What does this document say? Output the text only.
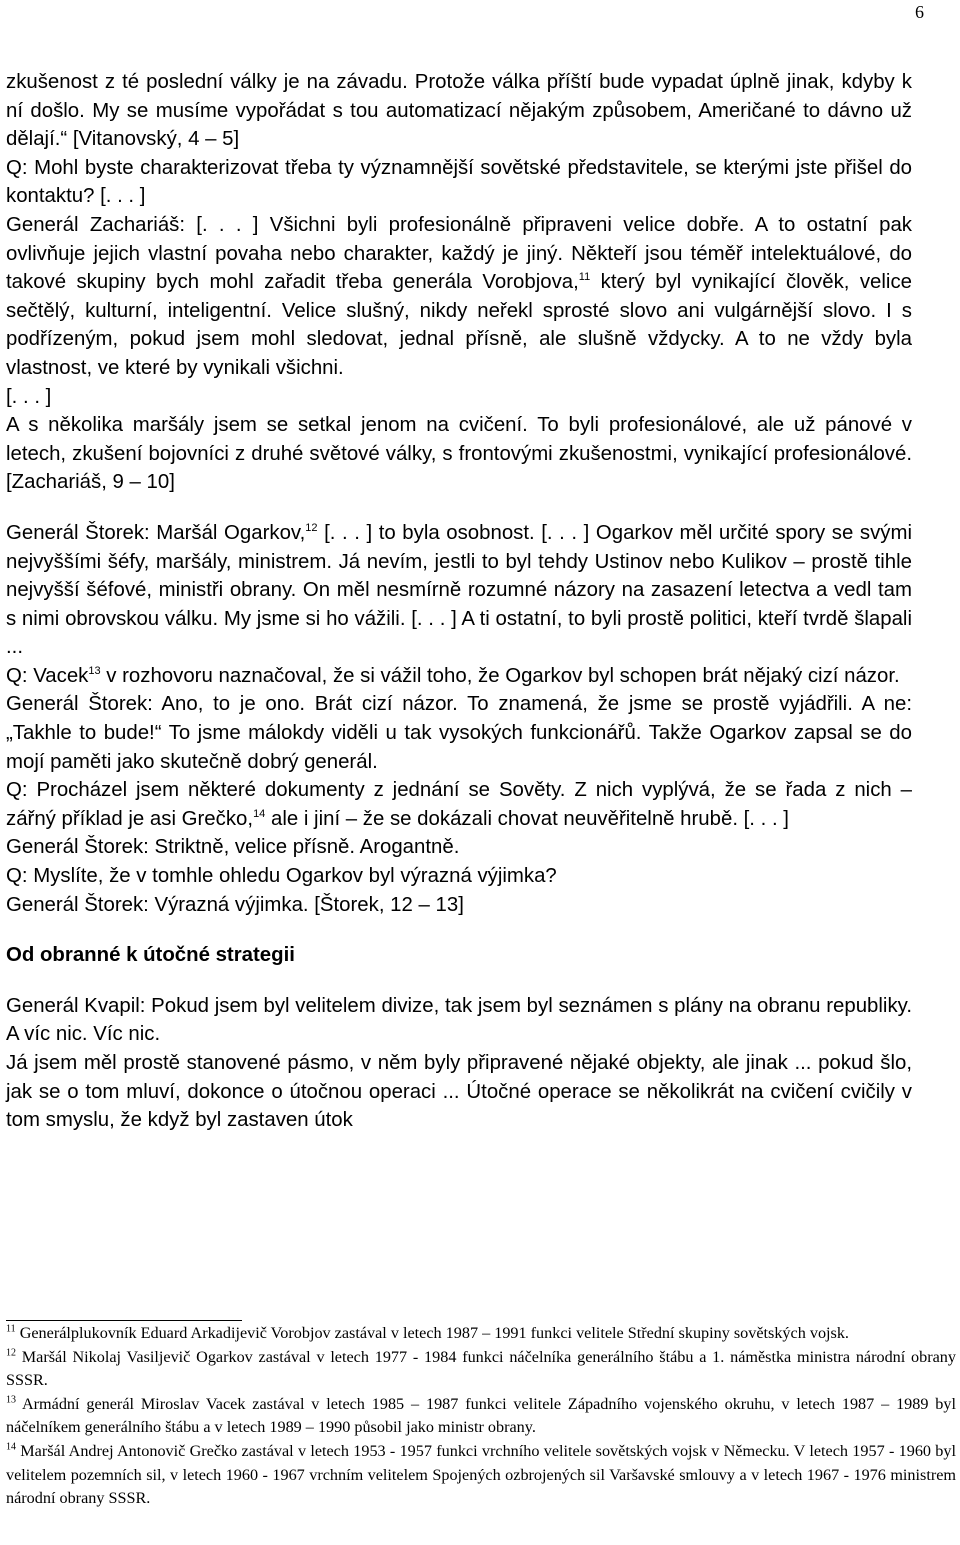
6

zkušenost z té poslední války je na závadu. Protože válka příští bude vypadat úplně jinak, kdyby k ní došlo. My se musíme vypořádat s tou automatizací nějakým způsobem, Američané to dávno už dělají.“ [Vitanovský, 4 – 5]

Q: Mohl byste charakterizovat třeba ty významnější sovětské představitele, se kterými jste přišel do kontaktu? [. . . ]

Generál Zachariáš: [. . . ] Všichni byli profesionálně připraveni velice dobře. A to ostatní pak ovlivňuje jejich vlastní povaha nebo charakter, každý je jiný. Někteří jsou téměř intelektuálové, do takové skupiny bych mohl zařadit třeba generála Vorobjova,$^{11}$ který byl vynikající člověk, velice sečtělý, kulturní, inteligentní. Velice slušný, nikdy neřekl sprosté slovo ani vulgárnější slovo. I s podřízeným, pokud jsem mohl sledovat, jednal přísně, ale slušně vždycky. A to ne vždy byla vlastnost, ve které by vynikali všichni.

[. . . ]

A s několika maršály jsem se setkal jenom na cvičení. To byli profesionálové, ale už pánové v letech, zkušení bojovníci z druhé světové války, s frontovými zkušenostmi, vynikající profesionálové. [Zachariáš, 9 – 10]

Generál Štorek: Maršál Ogarkov,$^{12}$ [. . . ] to byla osobnost. [. . . ] Ogarkov měl určité spory se svými nejvyššími šéfy, maršály, ministrem. Já nevím, jestli to byl tehdy Ustinov nebo Kulikov – prostě tihle nejvyšší šéfové, ministři obrany. On měl nesmírně rozumné názory na zasazení letectva a vedl tam s nimi obrovskou válku. My jsme si ho vážili. [. . . ] A ti ostatní, to byli prostě politici, kteří tvrdě šlapali ...

Q: Vacek$^{13}$ v rozhovoru naznačoval, že si vážil toho, že Ogarkov byl schopen brát nějaký cizí názor.

Generál Štorek: Ano, to je ono. Brát cizí názor. To znamená, že jsme se prostě vyjádřili. A ne: „Takhle to bude!“ To jsme málokdy viděli u tak vysokých funkcionářů. Takže Ogarkov zapsal se do mojí paměti jako skutečně dobrý generál.

Q: Procházel jsem některé dokumenty z jednání se Sověty. Z nich vyplývá, že se řada z nich – zářný příklad je asi Grečko,$^{14}$ ale i jiní – že se dokázali chovat neuvěřitelně hrubě. [. . . ]

Generál Štorek: Striktně, velice přísně. Arogantně.

Q: Myslíte, že v tomhle ohledu Ogarkov byl výrazná výjimka?

Generál Štorek: Výrazná výjimka. [Štorek, 12 – 13]

Od obranné k útočné strategii

Generál Kvapil: Pokud jsem byl velitelem divize, tak jsem byl seznámen s plány na obranu republiky. A víc nic. Víc nic.

Já jsem měl prostě stanovené pásmo, v něm byly připravené nějaké objekty, ale jinak ... pokud šlo, jak se o tom mluví, dokonce o útočnou operaci ... Útočné operace se několikrát na cvičení cvičily v tom smyslu, že když byl zastaven útok

$^{11}$ Generálplukovník Eduard Arkadijevič Vorobjov zastával v letech 1987 – 1991 funkci velitele Střední skupiny sovětských vojsk.

$^{12}$ Maršál Nikolaj Vasiljevič Ogarkov zastával v letech 1977 - 1984 funkci náčelníka generálního štábu a 1. náměstka ministra národní obrany SSSR.

$^{13}$ Armádní generál Miroslav Vacek zastával v letech 1985 – 1987 funkci velitele Západního vojenského okruhu, v letech 1987 – 1989 byl náčelníkem generálního štábu a v letech 1989 – 1990 působil jako ministr obrany.

$^{14}$ Maršál Andrej Antonovič Grečko zastával v letech 1953 - 1957 funkci vrchního velitele sovětských vojsk v Německu. V letech 1957 - 1960 byl velitelem pozemních sil, v letech 1960 - 1967 vrchním velitelem Spojených ozbrojených sil Varšavské smlouvy a v letech 1967 - 1976 ministrem národní obrany SSSR.
